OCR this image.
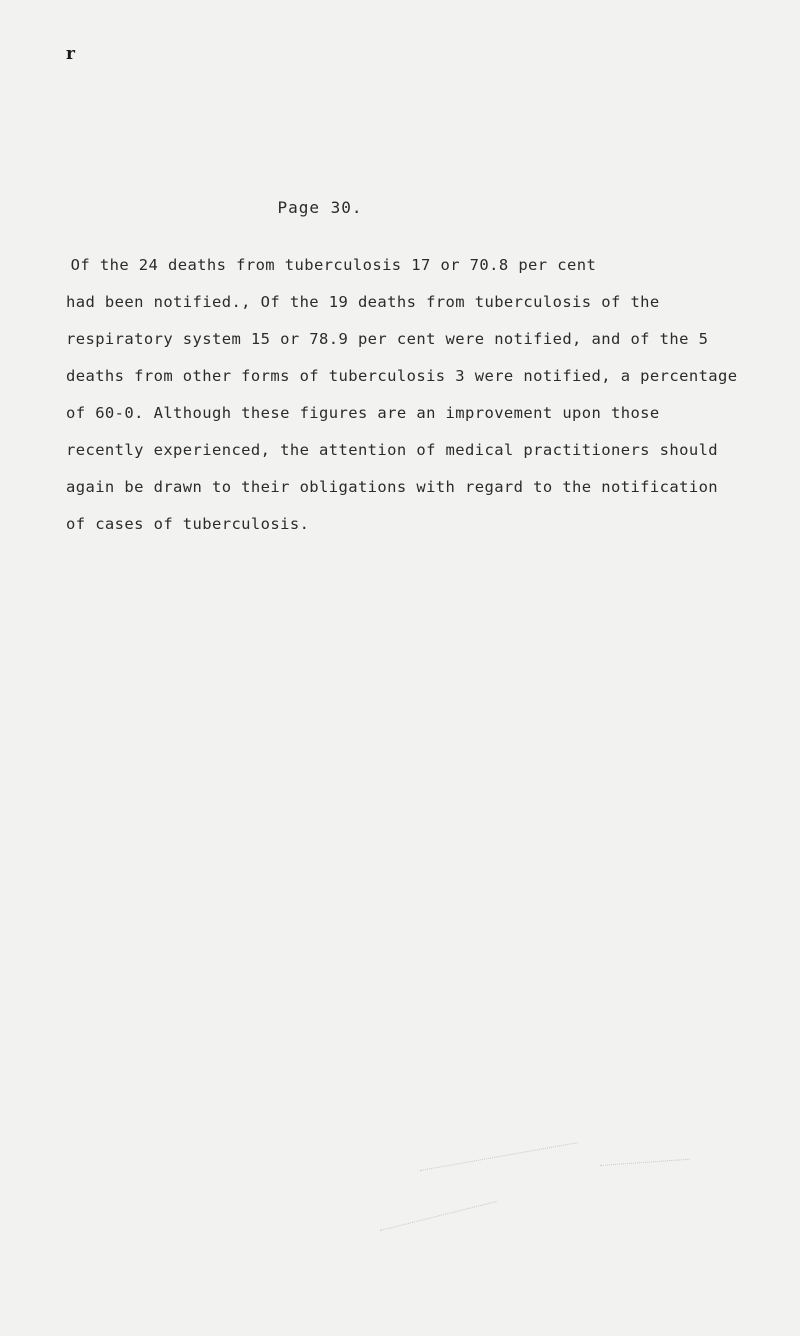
r
Page 30.
Of the 24 deaths from tuberculosis 17 or 70.8 per cent
had been notified., Of the 19 deaths from tuberculosis of the
respiratory system 15 or 78.9 per cent were notified, and of the 5
deaths from other forms of tuberculosis 3 were notified, a percentage
of 60-0. Although these figures are an improvement upon those
recently experienced, the attention of medical practitioners should
again be drawn to their obligations with regard to the notification
of cases of tuberculosis.
